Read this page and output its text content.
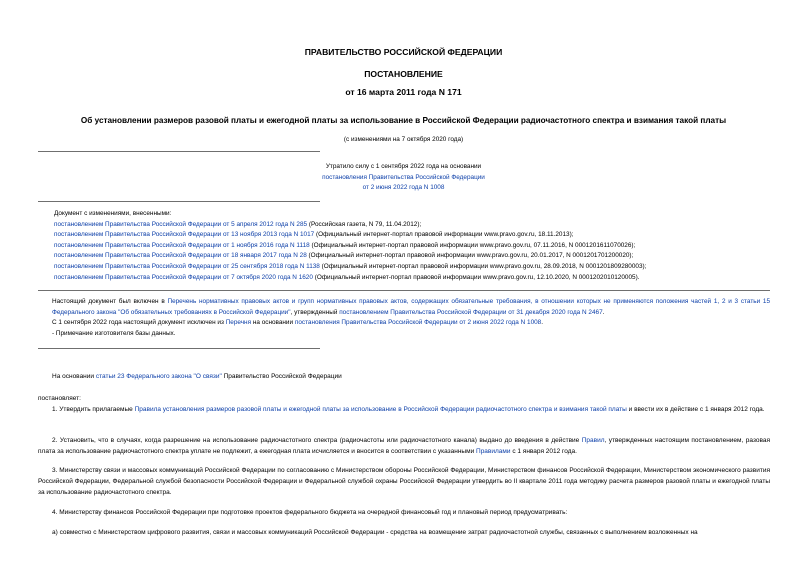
ПРАВИТЕЛЬСТВО РОССИЙСКОЙ ФЕДЕРАЦИИ
ПОСТАНОВЛЕНИЕ
от 16 марта 2011 года N 171
Об установлении размеров разовой платы и ежегодной платы за использование в Российской Федерации радиочастотного спектра и взимания такой платы
(с изменениями на 7 октября 2020 года)
Утратило силу с 1 сентября 2022 года на основании
постановления Правительства Российской Федерации
от 2 июня 2022 года N 1008
Документ с изменениями, внесенными:
постановлением Правительства Российской Федерации от 5 апреля 2012 года N 285 (Российская газета, N 79, 11.04.2012);
постановлением Правительства Российской Федерации от 13 ноября 2013 года N 1017 (Официальный интернет-портал правовой информации www.pravo.gov.ru, 18.11.2013);
постановлением Правительства Российской Федерации от 1 ноября 2016 года N 1118 (Официальный интернет-портал правовой информации www.pravo.gov.ru, 07.11.2016, N 0001201611070026);
постановлением Правительства Российской Федерации от 18 января 2017 года N 28 (Официальный интернет-портал правовой информации www.pravo.gov.ru, 20.01.2017, N 0001201701200020);
постановлением Правительства Российской Федерации от 25 сентября 2018 года N 1138 (Официальный интернет-портал правовой информации www.pravo.gov.ru, 28.09.2018, N 0001201809280003);
постановлением Правительства Российской Федерации от 7 октября 2020 года N 1620 (Официальный интернет-портал правовой информации www.pravo.gov.ru, 12.10.2020, N 0001202010120005).
Настоящий документ был включен в Перечень нормативных правовых актов и групп нормативных правовых актов, содержащих обязательные требования, в отношении которых не применяются положения частей 1, 2 и 3 статьи 15 Федерального закона "Об обязательных требованиях в Российской Федерации", утвержденный постановлением Правительства Российской Федерации от 31 декабря 2020 года N 2467.
С 1 сентября 2022 года настоящий документ исключен из Перечня на основании постановления Правительства Российской Федерации от 2 июня 2022 года N 1008.
- Примечание изготовителя базы данных.
На основании статьи 23 Федерального закона "О связи" Правительство Российской Федерации
постановляет:
1. Утвердить прилагаемые Правила установления размеров разовой платы и ежегодной платы за использование в Российской Федерации радиочастотного спектра и взимания такой платы и ввести их в действие с 1 января 2012 года.
2. Установить, что в случаях, когда разрешение на использование радиочастотного спектра (радиочастоты или радиочастотного канала) выдано до введения в действие Правил, утвержденных настоящим постановлением, разовая плата за использование радиочастотного спектра уплате не подлежит, а ежегодная плата исчисляется и вносится в соответствии с указанными Правилами с 1 января 2012 года.
3. Министерству связи и массовых коммуникаций Российской Федерации по согласованию с Министерством обороны Российской Федерации, Министерством финансов Российской Федерации, Министерством экономического развития Российской Федерации, Федеральной службой безопасности Российской Федерации и Федеральной службой охраны Российской Федерации утвердить во II квартале 2011 года методику расчета размеров разовой платы и ежегодной платы за использование радиочастотного спектра.
4. Министерству финансов Российской Федерации при подготовке проектов федерального бюджета на очередной финансовый год и плановый период предусматривать:
а) совместно с Министерством цифрового развития, связи и массовых коммуникаций Российской Федерации - средства на возмещение затрат радиочастотной службы, связанных с выполнением возложенных на
